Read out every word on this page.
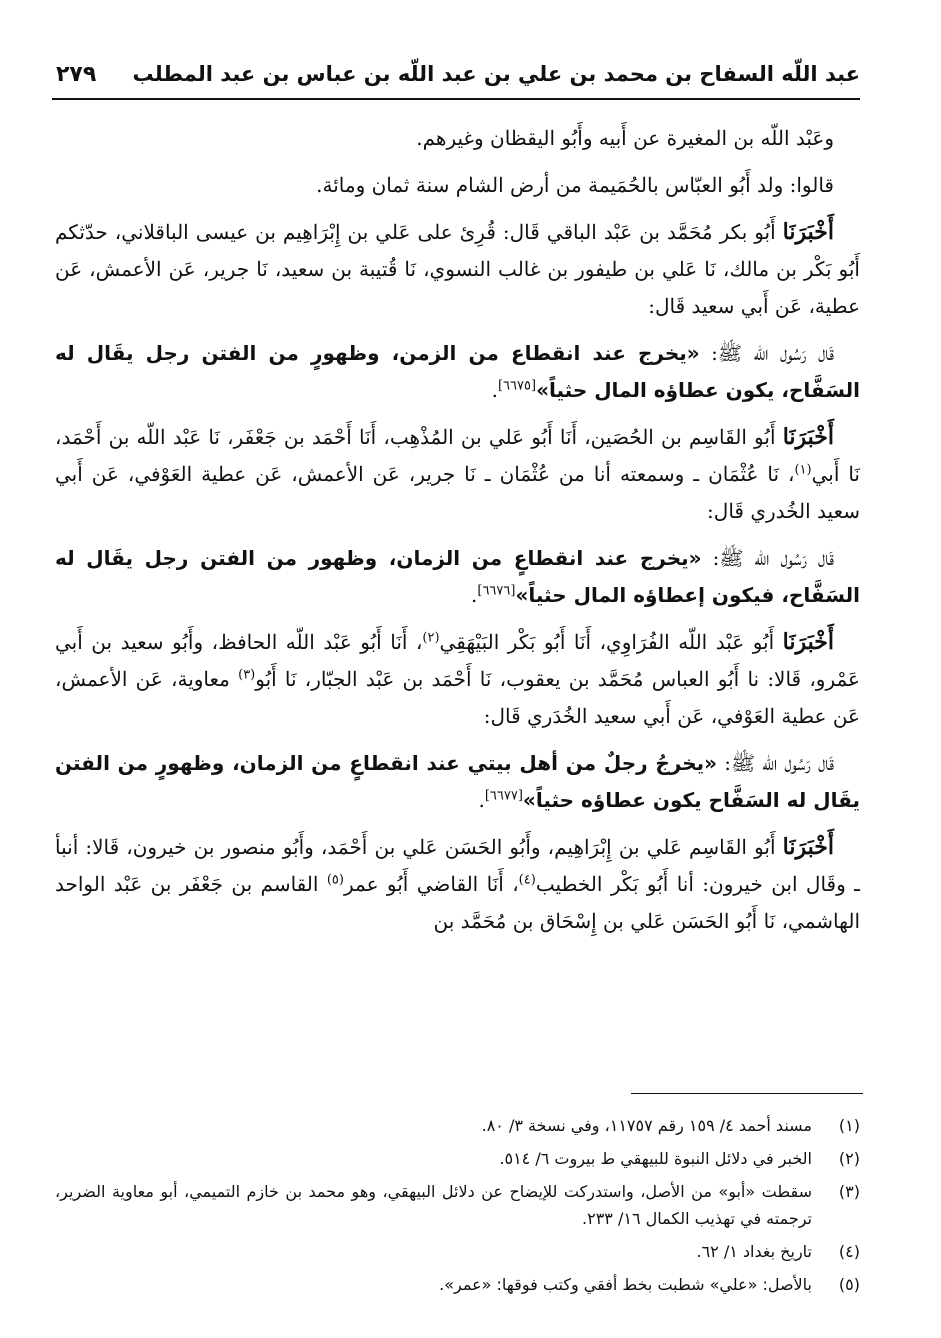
٢٧٩ عبد اللّه السفاح بن محمد بن علي بن عبد اللّه بن عباس بن عبد المطلب

وعَبْد اللّه بن المغيرة عن أَبيه وأَبُو اليقظان وغيرهم.

قالوا: ولد أَبُو العبّاس بالحُمَيمة من أرض الشام سنة ثمان ومائة.

أَخْبَرَنَا أَبُو بكر مُحَمَّد بن عَبْد الباقي قَال: قُرِئ على عَلي بن إِبْرَاهِيم بن عيسى الباقلاني، حدّثكم أَبُو بَكْر بن مالك، نَا عَلي بن طيفور بن غالب النسوي، نَا قُتيبة بن سعيد، نَا جرير، عَن الأعمش، عَن عطية، عَن أَبي سعيد قَال:

قَال رَسُول اللّه ﷺ: «يخرج عند انقطاع من الزمن، وظهورٍ من الفتن رجل يقَال له السَفَّاح، يكون عطاؤه المال حثياً»[٦٦٧٥].

أَخْبَرَنَا أَبُو القَاسِم بن الحُصَين، أَنَا أَبُو عَلي بن المُذْهِب، أَنَا أَحْمَد بن جَعْفَر، نَا عَبْد اللّه بن أَحْمَد، نَا أَبي$^{(١)}$، نَا عُثْمَان ـ وسمعته أنا من عُثْمَان ـ نَا جرير، عَن الأعمش، عَن عطية العَوْفي، عَن أَبي سعيد الخُدري قَال:

قَال رَسُول اللّه ﷺ: «يخرج عند انقطاعٍ من الزمان، وظهور من الفتن رجل يقَال له السَفَّاح، فيكون إعطاؤه المال حثياً»[٦٦٧٦].

أَخْبَرَنَا أَبُو عَبْد اللّه الفُرَاوِي، أَنَا أَبُو بَكْر البَيْهَقِي$^{(٢)}$، أَنَا أَبُو عَبْد اللّه الحافظ، وأَبُو سعيد بن أَبي عَمْرو، قَالا: نا أَبُو العباس مُحَمَّد بن يعقوب، نَا أَحْمَد بن عَبْد الجبّار، نَا أَبُو$^{(٣)}$ معاوية، عَن الأعمش، عَن عطية العَوْفي، عَن أَبي سعيد الخُدَري قَال:

قَال رَسُول اللّه ﷺ: «يخرجُ رجلٌ من أهل بيتي عند انقطاعٍ من الزمان، وظهورٍ من الفتن يقَال له السَفَّاح يكون عطاؤه حثياً»[٦٦٧٧].

أَخْبَرَنَا أَبُو القَاسِم عَلي بن إِبْرَاهِيم، وأَبُو الحَسَن عَلي بن أَحْمَد، وأَبُو منصور بن خيرون، قَالا: أنبأ ـ وقَال ابن خيرون: أنا أَبُو بَكْر الخطيب$^{(٤)}$، أَنَا القاضي أَبُو عمر$^{(٥)}$ القاسم بن جَعْفَر بن عَبْد الواحد الهاشمي، نَا أَبُو الحَسَن عَلي بن إِسْحَاق بن مُحَمَّد بن

(١)
مسند أحمد ٤/ ١٥٩ رقم ١١٧٥٧، وفي نسخة ٣/ ٨٠.
(٢)
الخبر في دلائل النبوة للبيهقي ط بيروت ٦/ ٥١٤.
(٣)
سقطت «أبو» من الأصل، واستدركت للإيضاح عن دلائل البيهقي، وهو محمد بن خازم التميمي، أبو معاوية الضرير، ترجمته في تهذيب الكمال ١٦/ ٢٣٣.
(٤)
تاريخ بغداد ١/ ٦٢.
(٥)
بالأصل: «علي» شطبت بخط أفقي وكتب فوقها: «عمر».
